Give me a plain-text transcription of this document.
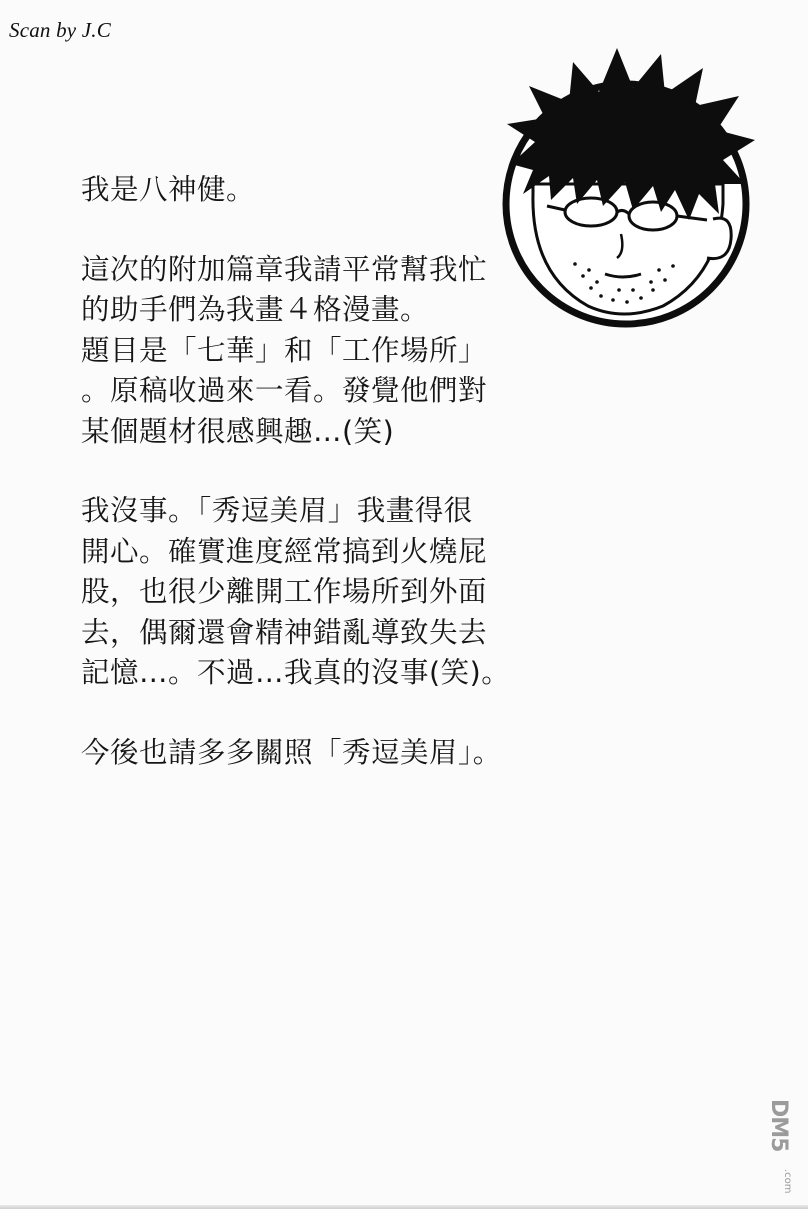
Scan by J.C

我是八神健。

這次的附加篇章我請平常幫我忙
的助手們為我畫４格漫畫。
題目是「七華」和「工作場所」
。原稿收過來一看。發覺他們對
某個題材很感興趣…(笑)

我沒事。「秀逗美眉」我畫得很
開心。確實進度經常搞到火燒屁
股，也很少離開工作場所到外面
去，偶爾還會精神錯亂導致失去
記憶…。不過…我真的沒事(笑)。

今後也請多多關照「秀逗美眉」。

DM5
.com
